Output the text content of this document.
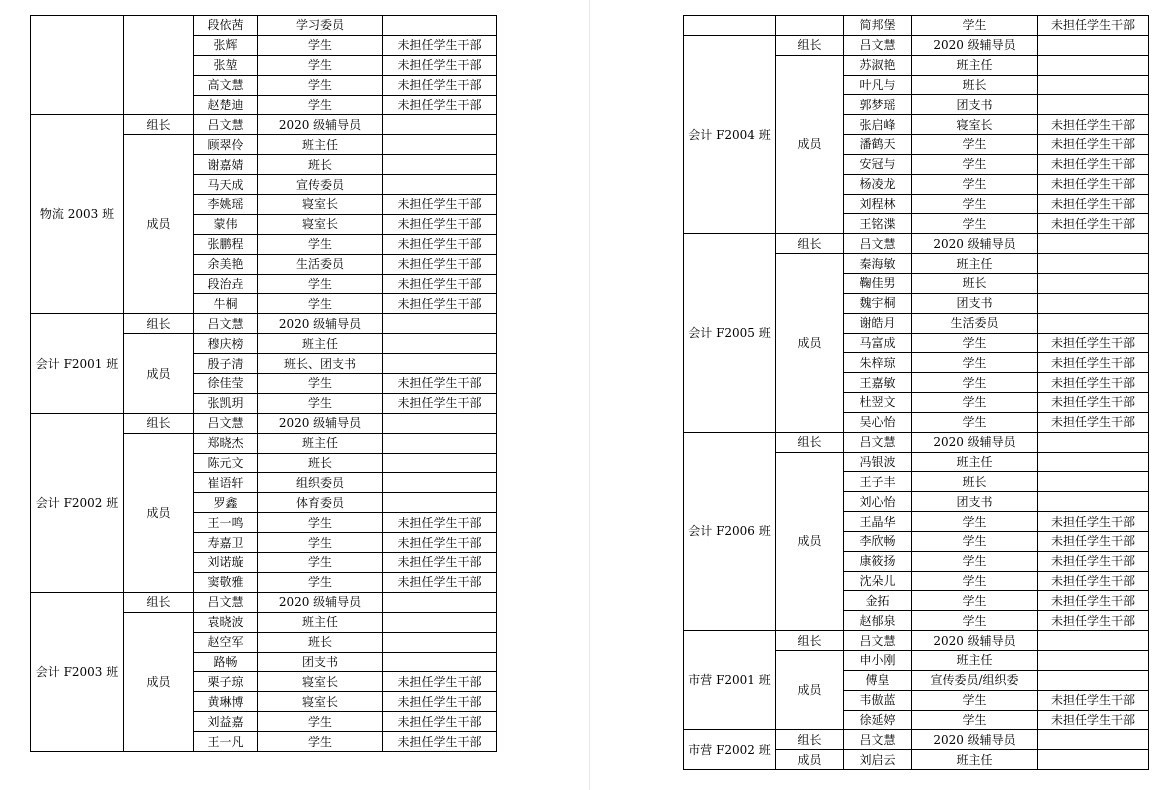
		段依茜	学习委员	
		张辉	学生	未担任学生干部
		张堃	学生	未担任学生干部
		高文慧	学生	未担任学生干部
		赵楚迪	学生	未担任学生干部
物流 2003 班	组长	吕文慧	2020 级辅导员	
	成员	顾翠伶	班主任	
		谢嘉婧	班长	
		马天成	宣传委员	
		李姚瑶	寝室长	未担任学生干部
		蒙伟	寝室长	未担任学生干部
		张鹏程	学生	未担任学生干部
		余美艳	生活委员	未担任学生干部
		段治垚	学生	未担任学生干部
		牛桐	学生	未担任学生干部
会计 F2001 班	组长	吕文慧	2020 级辅导员	
	成员	穆庆榜	班主任	
		殷子清	班长、团支书	
		徐佳莹	学生	未担任学生干部
		张凯玥	学生	未担任学生干部
会计 F2002 班	组长	吕文慧	2020 级辅导员	
	成员	郑晓杰	班主任	
		陈元文	班长	
		崔语轩	组织委员	
		罗鑫	体育委员	
		王一鸣	学生	未担任学生干部
		寿嘉卫	学生	未担任学生干部
		刘诺璇	学生	未担任学生干部
		窦敬雅	学生	未担任学生干部
会计 F2003 班	组长	吕文慧	2020 级辅导员	
	成员	袁晓波	班主任	
		赵空军	班长	
		路畅	团支书	
		栗子琼	寝室长	未担任学生干部
		黄琳博	寝室长	未担任学生干部
		刘益嘉	学生	未担任学生干部
		王一凡	学生	未担任学生干部
		简邦堡	学生	未担任学生干部
会计 F2004 班	组长	吕文慧	2020 级辅导员	
	成员	苏淑艳	班主任	
		叶凡与	班长	
		郭梦瑶	团支书	
		张启峰	寝室长	未担任学生干部
		潘鹤天	学生	未担任学生干部
		安冠与	学生	未担任学生干部
		杨凌龙	学生	未担任学生干部
		刘程林	学生	未担任学生干部
		王铭渫	学生	未担任学生干部
会计 F2005 班	组长	吕文慧	2020 级辅导员	
	成员	秦海敏	班主任	
		鞠佳男	班长	
		魏宇桐	团支书	
		谢皓月	生活委员	
		马富成	学生	未担任学生干部
		朱梓琼	学生	未担任学生干部
		王嘉敏	学生	未担任学生干部
		杜翌文	学生	未担任学生干部
		吴心怡	学生	未担任学生干部
会计 F2006 班	组长	吕文慧	2020 级辅导员	
	成员	冯银波	班主任	
		王子丰	班长	
		刘心怡	团支书	
		王晶华	学生	未担任学生干部
		李欣畅	学生	未担任学生干部
		康筱扬	学生	未担任学生干部
		沈朵儿	学生	未担任学生干部
		金拓	学生	未担任学生干部
		赵郁泉	学生	未担任学生干部
市营 F2001 班	组长	吕文慧	2020 级辅导员	
	成员	申小刚	班主任	
		傅皇	宣传委员/组织委	
		韦傲蓝	学生	未担任学生干部
		徐延婷	学生	未担任学生干部
市营 F2002 班	组长	吕文慧	2020 级辅导员	
	成员	刘启云	班主任	
